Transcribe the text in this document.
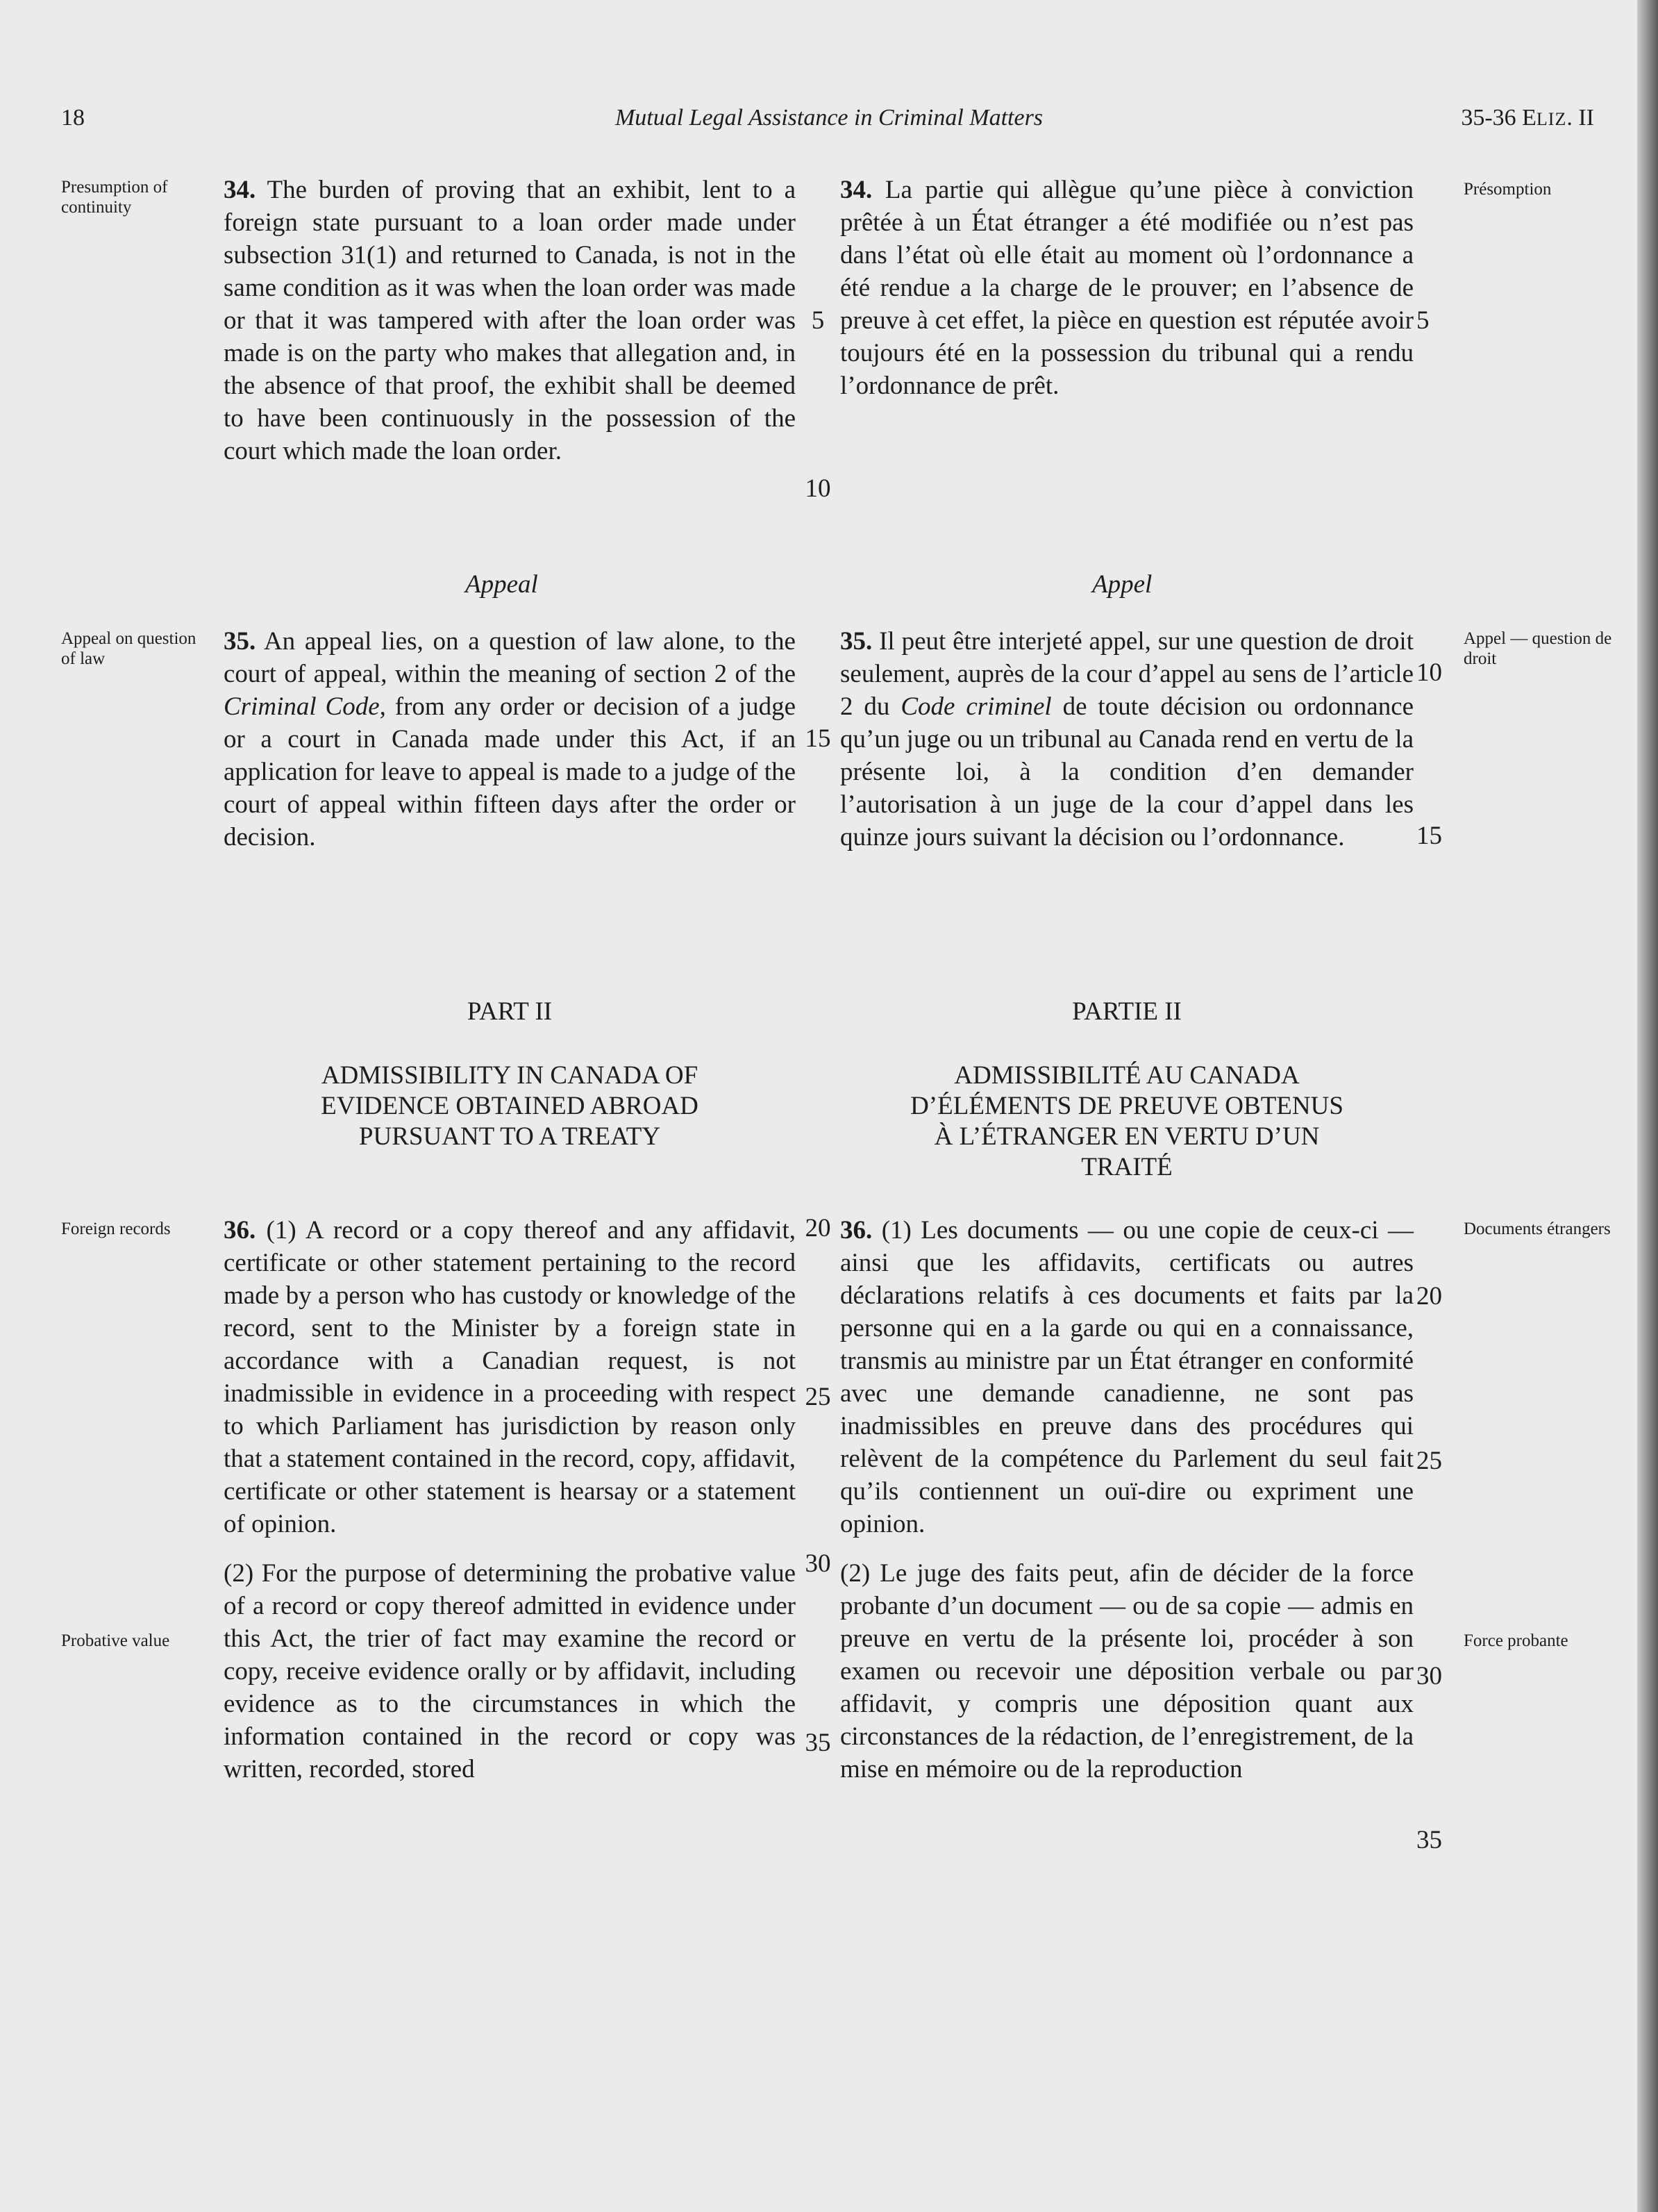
18	Mutual Legal Assistance in Criminal Matters	35-36 ELIZ. II
Presumption of continuity
Appeal on question of law
Foreign records
Probative value
Présomption
Appel — question de droit
Documents étrangers
Force probante

34. The burden of proving that an exhibit, lent to a foreign state pursuant to a loan order made under subsection 31(1) and returned to Canada, is not in the same condition as it was when the loan order was made or that it was tampered with after the loan order was made is on the party who makes that allegation and, in the absence of that proof, the exhibit shall be deemed to have been continuously in the possession of the court which made the loan order.

Appeal

35. An appeal lies, on a question of law alone, to the court of appeal, within the meaning of section 2 of the Criminal Code, from any order or decision of a judge or a court in Canada made under this Act, if an application for leave to appeal is made to a judge of the court of appeal within fifteen days after the order or decision.

PART II
ADMISSIBILITY IN CANADA OF
EVIDENCE OBTAINED ABROAD
PURSUANT TO A TREATY

36. (1) A record or a copy thereof and any affidavit, certificate or other statement pertaining to the record made by a person who has custody or knowledge of the record, sent to the Minister by a foreign state in accordance with a Canadian request, is not inadmissible in evidence in a proceeding with respect to which Parliament has jurisdiction by reason only that a statement contained in the record, copy, affidavit, certificate or other statement is hearsay or a statement of opinion.

(2) For the purpose of determining the probative value of a record or copy thereof admitted in evidence under this Act, the trier of fact may examine the record or copy, receive evidence orally or by affidavit, including evidence as to the circumstances in which the information contained in the record or copy was written, recorded, stored

34. La partie qui allègue qu’une pièce à conviction prêtée à un État étranger a été modifiée ou n’est pas dans l’état où elle était au moment où l’ordonnance a été rendue a la charge de le prouver; en l’absence de preuve à cet effet, la pièce en question est réputée avoir toujours été en la possession du tribunal qui a rendu l’ordonnance de prêt.

Appel

35. Il peut être interjeté appel, sur une question de droit seulement, auprès de la cour d’appel au sens de l’article 2 du Code criminel de toute décision ou ordonnance qu’un juge ou un tribunal au Canada rend en vertu de la présente loi, à la condition d’en demander l’autorisation à un juge de la cour d’appel dans les quinze jours suivant la décision ou l’ordonnance.

PARTIE II
ADMISSIBILITÉ AU CANADA
D’ÉLÉMENTS DE PREUVE OBTENUS
À L’ÉTRANGER EN VERTU D’UN
TRAITÉ

36. (1) Les documents — ou une copie de ceux-ci — ainsi que les affidavits, certificats ou autres déclarations relatifs à ces documents et faits par la personne qui en a la garde ou qui en a connaissance, transmis au ministre par un État étranger en conformité avec une demande canadienne, ne sont pas inadmissibles en preuve dans des procédures qui relèvent de la compétence du Parlement du seul fait qu’ils contiennent un ouï-dire ou expriment une opinion.

(2) Le juge des faits peut, afin de décider de la force probante d’un document — ou de sa copie — admis en preuve en vertu de la présente loi, procéder à son examen ou recevoir une déposition verbale ou par affidavit, y compris une déposition quant aux circonstances de la rédaction, de l’enregistrement, de la mise en mémoire ou de la reproduction

5
10
15
20
25
30
35
5
10
15
20
25
30
35
